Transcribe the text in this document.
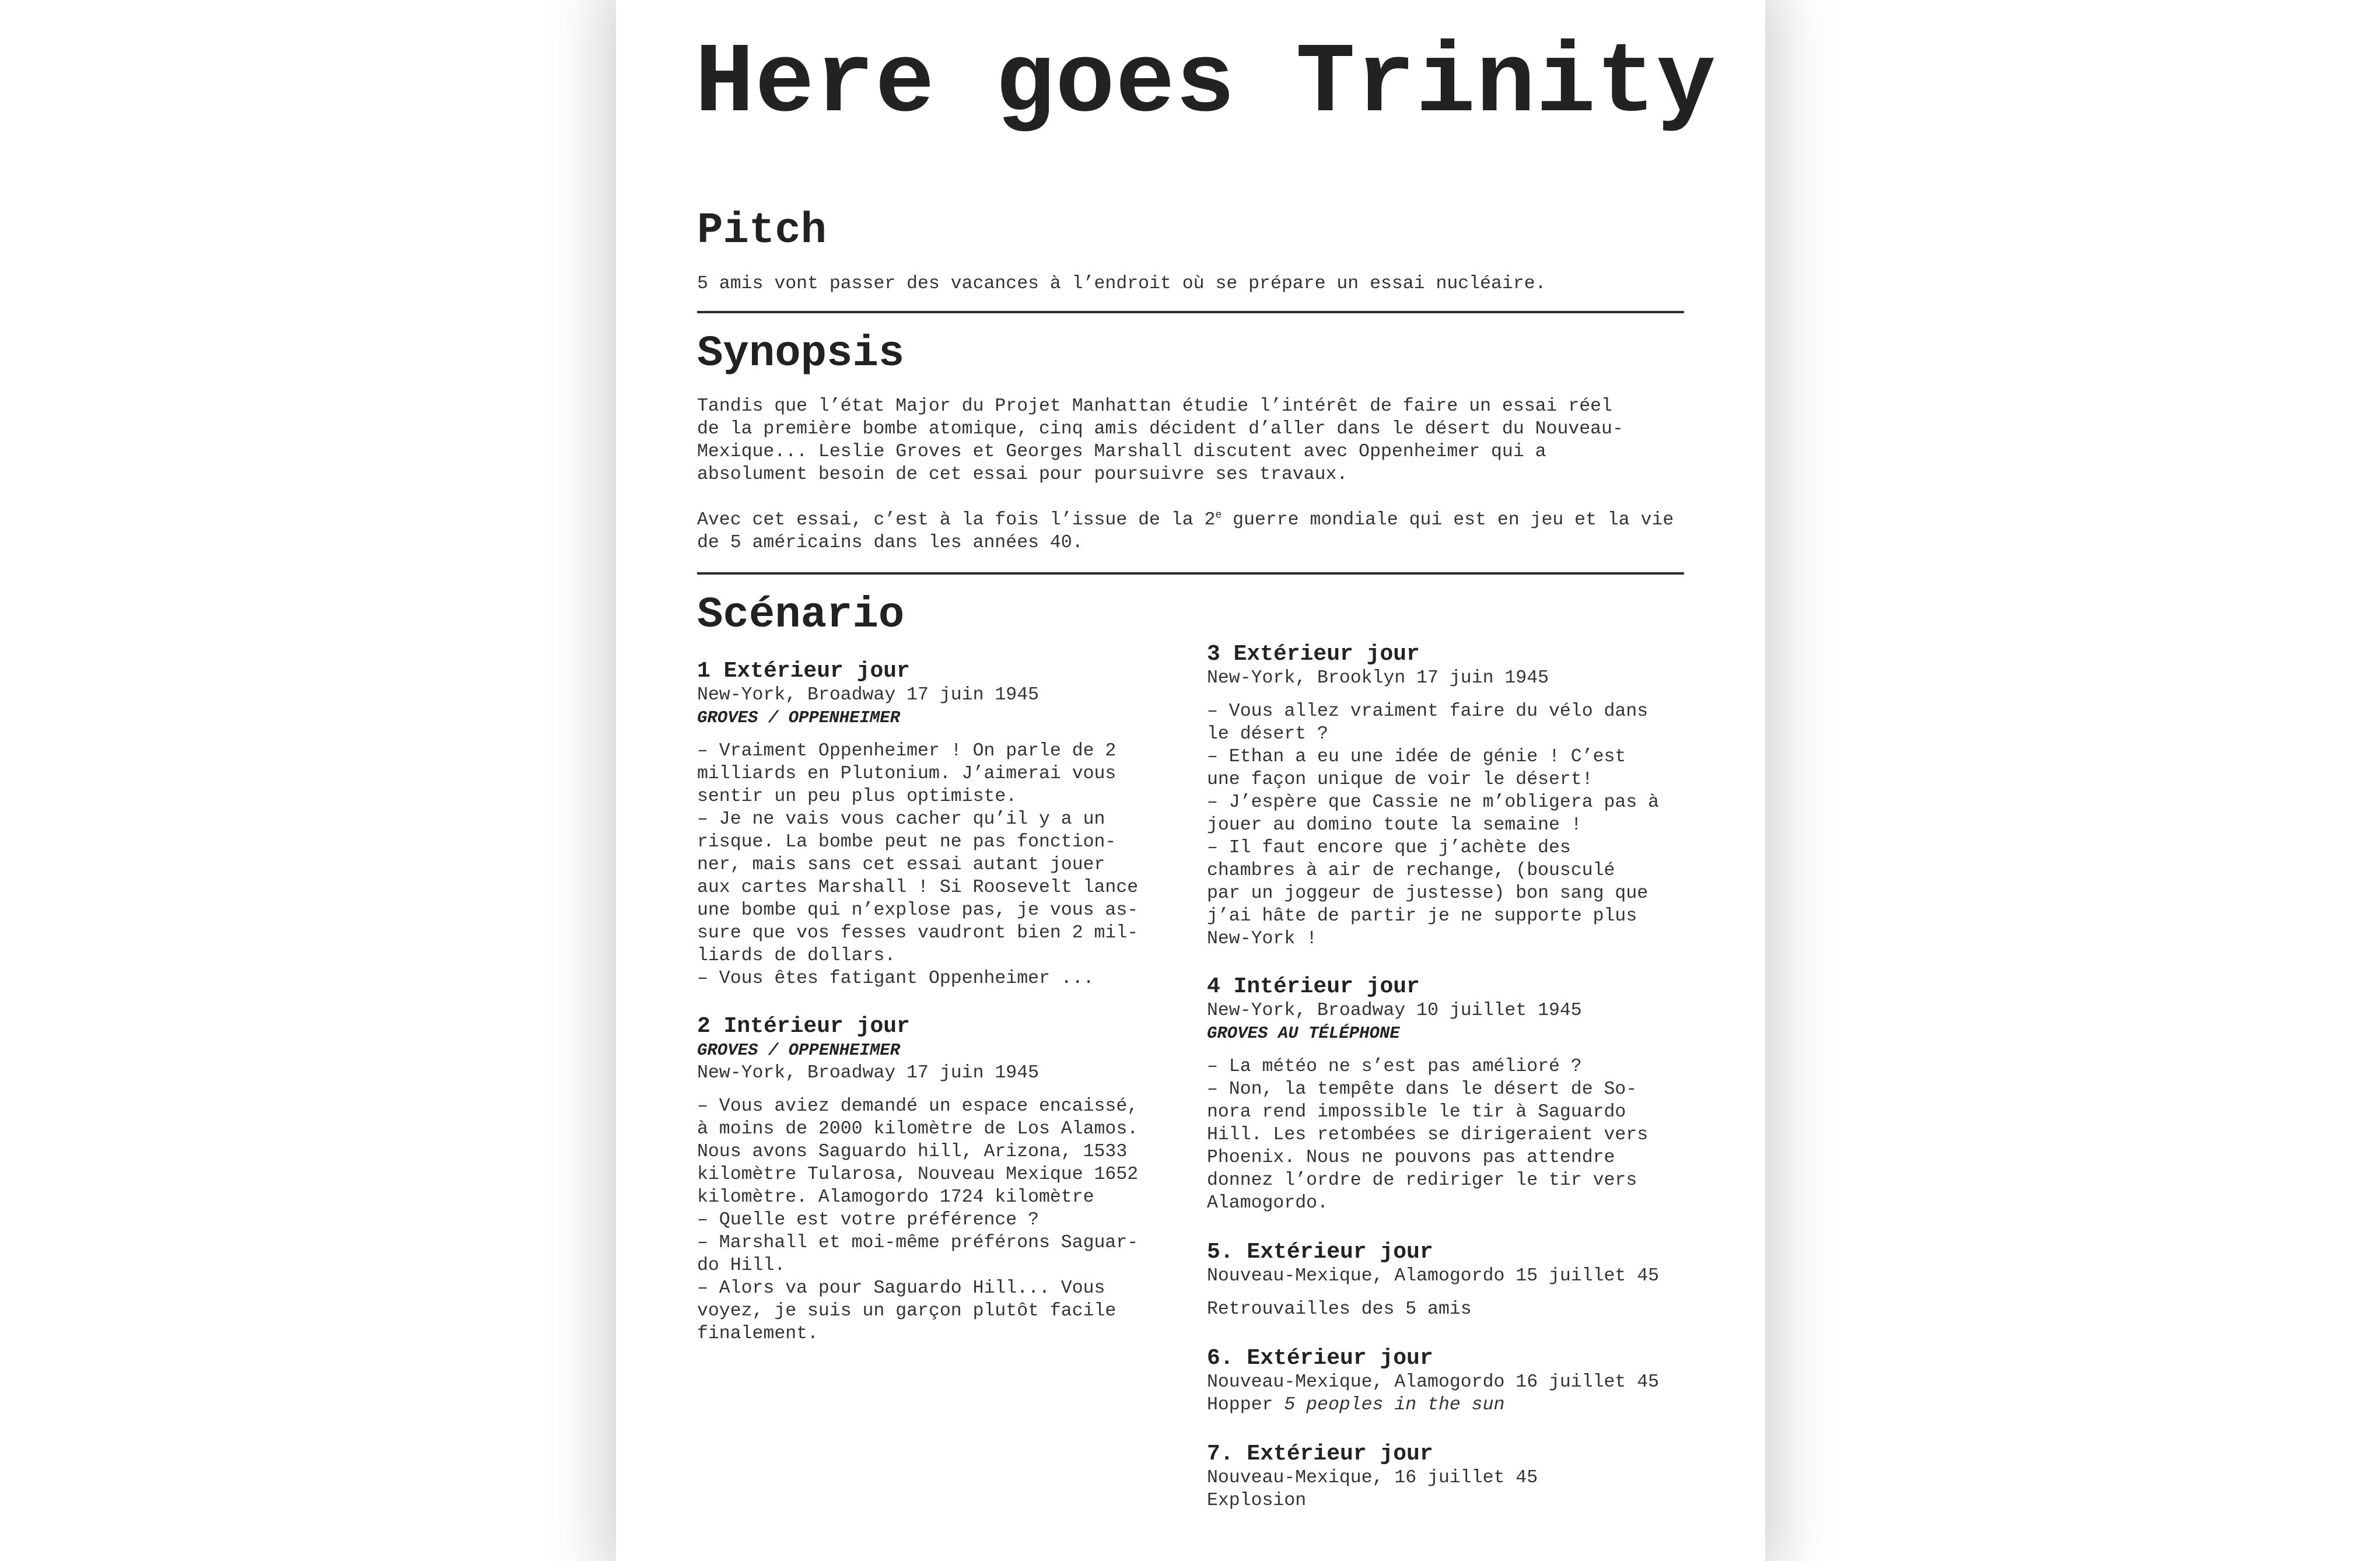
Here goes Trinity
Pitch

5 amis vont passer des vacances à l’endroit où se prépare un essai nucléaire.

Synopsis

Tandis que l’état Major du Projet Manhattan étudie l’intérêt de faire un essai réel
de la première bombe atomique, cinq amis décident d’aller dans le désert du Nouveau-
Mexique... Leslie Groves et Georges Marshall discutent avec Oppenheimer qui a
absolument besoin de cet essai pour poursuivre ses travaux.

Avec cet essai, c’est à la fois l’issue de la 2e guerre mondiale qui est en jeu et la vie
de 5 américains dans les années 40.

Scénario

1 Extérieur jour

New-York, Broadway 17 juin 1945

GROVES / OPPENHEIMER

– Vraiment Oppenheimer ! On parle de 2
milliards en Plutonium. J’aimerai vous
sentir un peu plus optimiste.
– Je ne vais vous cacher qu’il y a un
risque. La bombe peut ne pas fonction-
ner, mais sans cet essai autant jouer
aux cartes Marshall ! Si Roosevelt lance
une bombe qui n’explose pas, je vous as-
sure que vos fesses vaudront bien 2 mil-
liards de dollars.
– Vous êtes fatigant Oppenheimer ...

2 Intérieur jour

GROVES / OPPENHEIMER

New-York, Broadway 17 juin 1945

– Vous aviez demandé un espace encaissé,
à moins de 2000 kilomètre de Los Alamos.
Nous avons Saguardo hill, Arizona, 1533
kilomètre Tularosa, Nouveau Mexique 1652
kilomètre. Alamogordo 1724 kilomètre
– Quelle est votre préférence ?
– Marshall et moi-même préférons Saguar-
do Hill.
– Alors va pour Saguardo Hill... Vous
voyez, je suis un garçon plutôt facile
finalement.

3 Extérieur jour

New-York, Brooklyn 17 juin 1945

– Vous allez vraiment faire du vélo dans
le désert ?
– Ethan a eu une idée de génie ! C’est
une façon unique de voir le désert!
– J’espère que Cassie ne m’obligera pas à
jouer au domino toute la semaine !
– Il faut encore que j’achète des
chambres à air de rechange, (bousculé
par un joggeur de justesse) bon sang que
j’ai hâte de partir je ne supporte plus
New-York !

4 Intérieur jour

New-York, Broadway 10 juillet 1945

GROVES AU TÉLÉPHONE

– La météo ne s’est pas amélioré ?
– Non, la tempête dans le désert de So-
nora rend impossible le tir à Saguardo
Hill. Les retombées se dirigeraient vers
Phoenix. Nous ne pouvons pas attendre
donnez l’ordre de rediriger le tir vers
Alamogordo.

5. Extérieur jour

Nouveau-Mexique, Alamogordo 15 juillet 45

Retrouvailles des 5 amis

6. Extérieur jour

Nouveau-Mexique, Alamogordo 16 juillet 45

Hopper 5 peoples in the sun

7. Extérieur jour

Nouveau-Mexique, 16 juillet 45

Explosion
